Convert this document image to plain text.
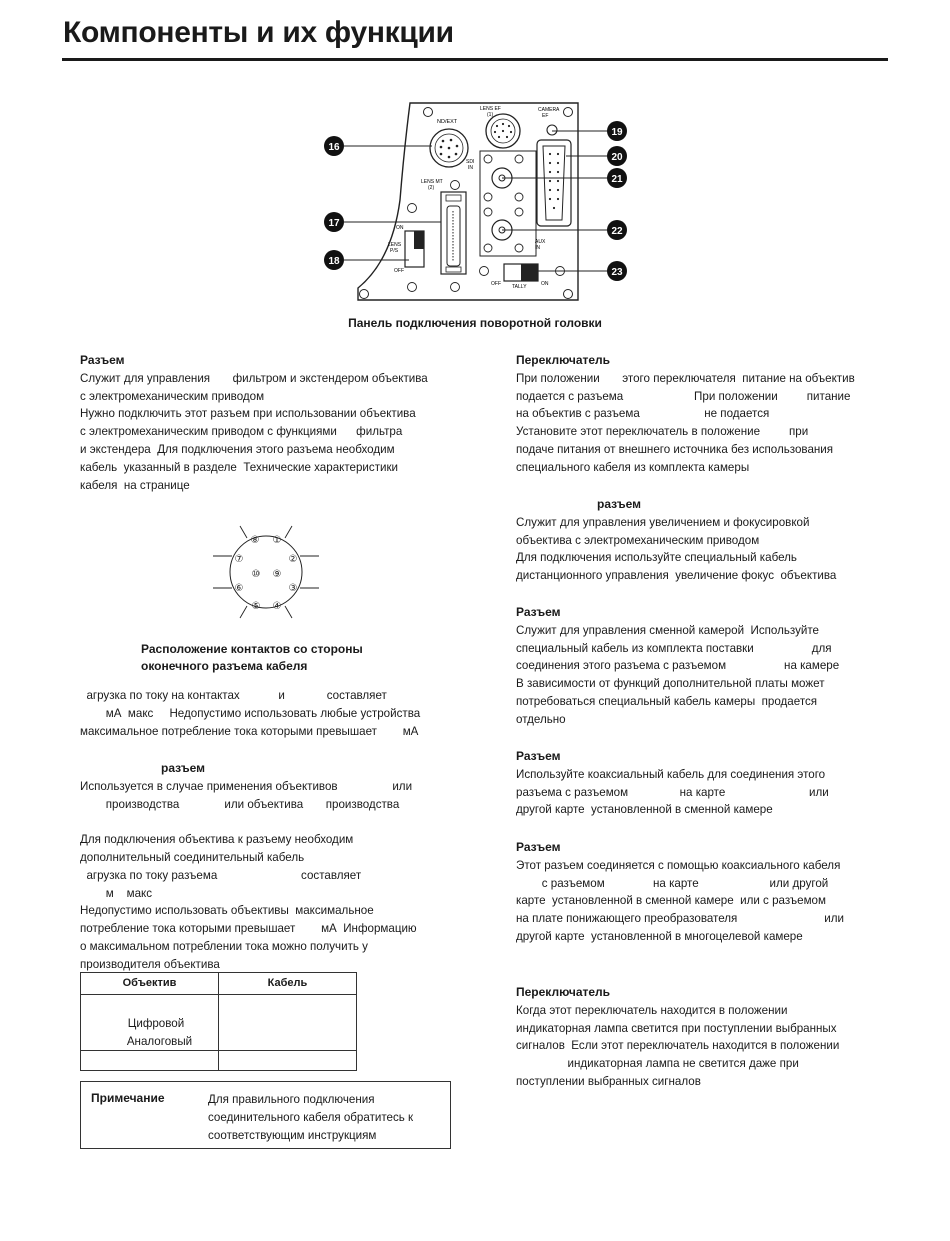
Компоненты и их функции
ND/EXT
LENS EF
(1)
CAMERA
EF
SDI
IN
AUX
IN
LENS MT
(2)
ON
LENS
P/S
OFF
OFF TALLY	ON
16
17
18
19
20
21
22
23
Панель подключения поворотной головки

Разъем

Служит для управления       фильтром и экстендером объектива

с электромеханическим приводом

Нужно подключить этот разъем при использовании объектива

с электромеханическим приводом с функциями      фильтра

и экстендера  Для подключения этого разъема необходим

кабель  указанный в разделе  Технические характеристики

кабеля  на странице

⑧ ①
⑦	②
⑩ ⑨
⑥	③
⑤ ④
Расположение контактов со стороны
оконечного разъема кабеля

агрузка по току на контактах            и             составляет

мА  макс     Недопустимо использовать любые устройства

максимальное потребление тока которыми превышает        мА

разъем

Используется в случае применения объективов                 или

производства              или объектива       производства

Для подключения объектива к разъему необходим

дополнительный соединительный кабель

агрузка по току разъема                          составляет

м    макс

Недопустимо использовать объективы  максимальное

потребление тока которыми превышает        мА  Информацию

о максимальном потреблении тока можно получить у

производителя объектива

Объектив	Кабель
Цифровой
Аналоговый
Примечание	Для правильного подключения
соединительного кабеля обратитесь к
соответствующим инструкциям

Переключатель

При положении       этого переключателя  питание на объектив

подается с разъема                      При положении         питание

на объектив с разъема                    не подается

Установите этот переключатель в положение         при

подаче питания от внешнего источника без использования

специального кабеля из комплекта камеры

разъем

Служит для управления увеличением и фокусировкой

объектива с электромеханическим приводом

Для подключения используйте специальный кабель

дистанционного управления  увеличение фокус  объектива

Разъем

Служит для управления сменной камерой  Используйте

специальный кабель из комплекта поставки                  для

соединения этого разъема с разъемом                  на камере

В зависимости от функций дополнительной платы может

потребоваться специальный кабель камеры  продается

отдельно

Разъем

Используйте коаксиальный кабель для соединения этого

разъема с разъемом                на карте                          или

другой карте  установленной в сменной камере

Разъем

Этот разъем соединяется с помощью коаксиального кабеля

с разъемом               на карте                      или другой

карте  установленной в сменной камере  или с разъемом

на плате понижающего преобразователя                           или

другой карте  установленной в многоцелевой камере

Переключатель

Когда этот переключатель находится в положении

индикаторная лампа светится при поступлении выбранных

сигналов  Если этот переключатель находится в положении

индикаторная лампа не светится даже при

поступлении выбранных сигналов
